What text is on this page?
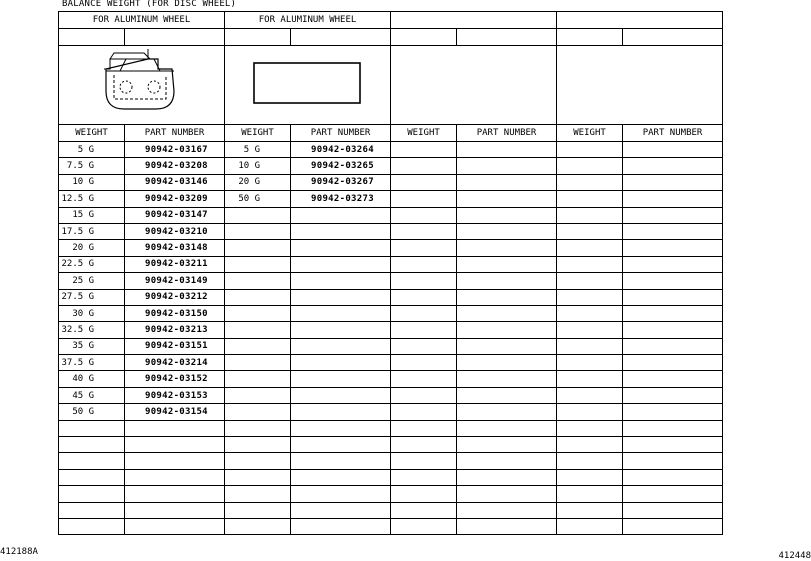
BALANCE WEIGHT (FOR DISC WHEEL)
FOR ALUMINUM WHEEL		FOR ALUMINUM WHEEL					

WEIGHT	PART NUMBER	WEIGHT	PART NUMBER	WEIGHT	PART NUMBER	WEIGHT	PART NUMBER
5 G	90942-03167	5 G	90942-03264				
7.5 G	90942-03208	10 G	90942-03265				
10 G	90942-03146	20 G	90942-03267				
12.5 G	90942-03209	50 G	90942-03273				
15 G	90942-03147						
17.5 G	90942-03210						
20 G	90942-03148						
22.5 G	90942-03211						
25 G	90942-03149						
27.5 G	90942-03212						
30 G	90942-03150						
32.5 G	90942-03213						
35 G	90942-03151						
37.5 G	90942-03214						
40 G	90942-03152						
45 G	90942-03153						
50 G	90942-03154						

412188A	412448
